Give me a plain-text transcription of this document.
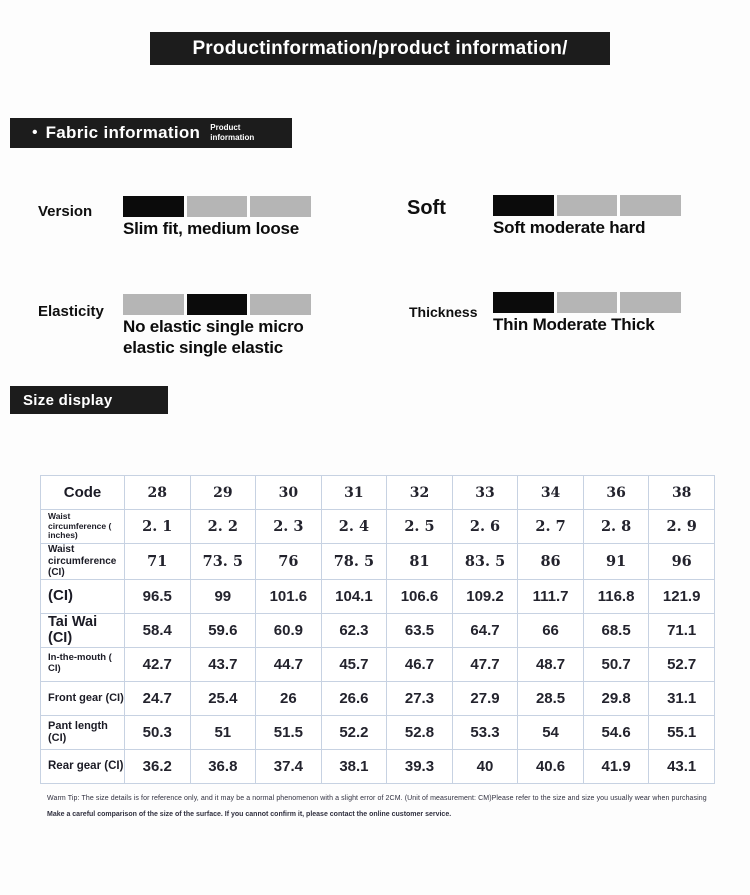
Productinformation/product information/
• Fabric information Product information
Version
Slim fit, medium loose
Soft
Soft moderate hard
Elasticity
No elastic single micro elastic single elastic
Thickness
Thin Moderate Thick
Size display
Code	28	29	30	31	32	33	34	36	38
Waist circumference ( inches)	2. 1	2. 2	2. 3	2. 4	2. 5	2. 6	2. 7	2. 8	2. 9
Waist circumference (CI)	71	73. 5	76	78. 5	81	83. 5	86	91	96
(CI)	96.5	99	101.6	104.1	106.6	109.2	111.7	116.8	121.9
Tai Wai (CI)	58.4	59.6	60.9	62.3	63.5	64.7	66	68.5	71.1
In-the-mouth ( CI)	42.7	43.7	44.7	45.7	46.7	47.7	48.7	50.7	52.7
Front gear (CI)	24.7	25.4	26	26.6	27.3	27.9	28.5	29.8	31.1
Pant length (CI)	50.3	51	51.5	52.2	52.8	53.3	54	54.6	55.1
Rear gear (CI)	36.2	36.8	37.4	38.1	39.3	40	40.6	41.9	43.1
Warm Tip: The size details is for reference only, and it may be a normal phenomenon with a slight error of 2CM. (Unit of measurement: CM)Please refer to the size and size you usually wear when purchasing
Make a careful comparison of the size of the surface. If you cannot confirm it, please contact the online customer service.
